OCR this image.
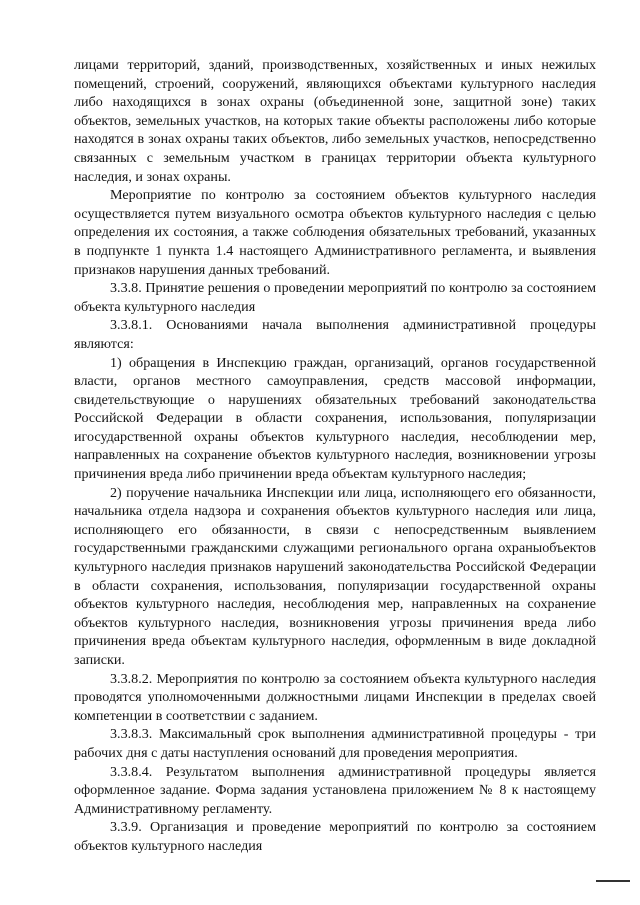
лицами территорий, зданий, производственных, хозяйственных и иных нежилых помещений, строений, сооружений, являющихся объектами культурного наследия либо находящихся в зонах охраны (объединенной зоне, защитной зоне) таких объектов, земельных участков, на которых такие объекты расположены либо которые находятся в зонах охраны таких объектов, либо земельных участков, непосредственно связанных с земельным участком в границах территории объекта культурного наследия, и зонах охраны.

Мероприятие по контролю за состоянием объектов культурного наследия осуществляется путем визуального осмотра объектов культурного наследия с целью определения их состояния, а также соблюдения обязательных требований, указанных в подпункте 1 пункта 1.4 настоящего Административного регламента, и выявления признаков нарушения данных требований.

3.3.8. Принятие решения о проведении мероприятий по контролю за состоянием объекта культурного наследия

3.3.8.1. Основаниями начала выполнения административной процедуры являются:

1) обращения в Инспекцию граждан, организаций, органов государственной власти, органов местного самоуправления, средств массовой информации, свидетельствующие о нарушениях обязательных требований законодательства Российской Федерации в области сохранения, использования, популяризации игосударственной охраны объектов культурного наследия, несоблюдении мер, направленных на сохранение объектов культурного наследия, возникновении угрозы причинения вреда либо причинении вреда объектам культурного наследия;

2) поручение начальника Инспекции или лица, исполняющего его обязанности, начальника отдела надзора и сохранения объектов культурного наследия или лица, исполняющего его обязанности, в связи с непосредственным выявлением государственными гражданскими служащими регионального органа охраныобъектов культурного наследия признаков нарушений законодательства Российской Федерации в области сохранения, использования, популяризации государственной охраны объектов культурного наследия, несоблюдения мер, направленных на сохранение объектов культурного наследия, возникновения угрозы причинения вреда либо причинения вреда объектам культурного наследия, оформленным в виде докладной записки.

3.3.8.2. Мероприятия по контролю за состоянием объекта культурного наследия проводятся уполномоченными должностными лицами Инспекции в пределах своей компетенции в соответствии с заданием.

3.3.8.3. Максимальный срок выполнения административной процедуры - три рабочих дня с даты наступления оснований для проведения мероприятия.

3.3.8.4. Результатом выполнения административной процедуры является оформленное задание. Форма задания установлена приложением № 8 к настоящему Административному регламенту.

3.3.9. Организация и проведение мероприятий по контролю за состоянием объектов культурного наследия
